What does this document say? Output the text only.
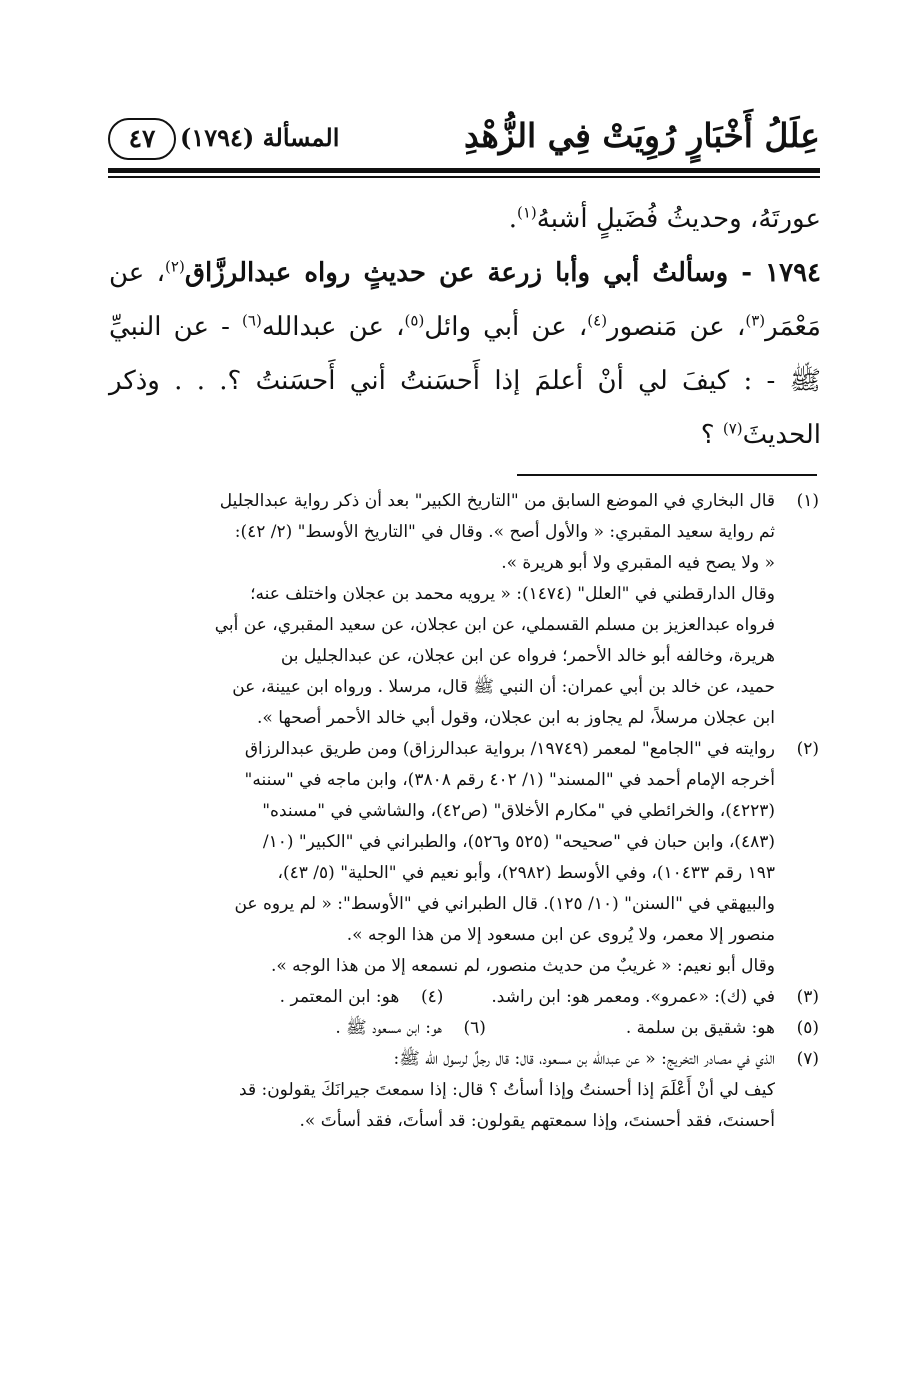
عِلَلُ أَخْبَارٍ رُوِيَتْ فِي الزُّهْدِ
المسألة (١٧٩٤)
٤٧

عورتَهُ، وحديثُ فُضَيلٍ أشبهُ$^{(١)}$.

١٧٩٤ - وسألتُ أبي وأبا زرعة عن حديثٍ رواه عبدالرزَّاق$^{(٢)}$، عن مَعْمَر$^{(٣)}$، عن مَنصور$^{(٤)}$، عن أبي وائل$^{(٥)}$، عن عبدالله$^{(٦)}$ - عن النبيِّ ﷺ - : كيفَ لي أنْ أعلمَ إذا أَحسَنتُ أني أَحسَنتُ ؟. . . وذكر الحديثَ$^{(٧)}$ ؟

(١)
قال البخاري في الموضع السابق من "التاريخ الكبير" بعد أن ذكر رواية عبدالجليل
ثم رواية سعيد المقبري: « والأول أصح ». وقال في "التاريخ الأوسط" (٢/ ٤٢):
« ولا يصح فيه المقبري ولا أبو هريرة ».
وقال الدارقطني في "العلل" (١٤٧٤): « يرويه محمد بن عجلان واختلف عنه؛
فرواه عبدالعزيز بن مسلم القسملي، عن ابن عجلان، عن سعيد المقبري، عن أبي
هريرة، وخالفه أبو خالد الأحمر؛ فرواه عن ابن عجلان، عن عبدالجليل بن
حميد، عن خالد بن أبي عمران: أن النبي ﷺ قال، مرسلا . ورواه ابن عيينة، عن
ابن عجلان مرسلاً، لم يجاوز به ابن عجلان، وقول أبي خالد الأحمر أصحها ».
(٢)
روايته في "الجامع" لمعمر (١٩٧٤٩/ برواية عبدالرزاق) ومن طريق عبدالرزاق
أخرجه الإمام أحمد في "المسند" (١/ ٤٠٢ رقم ٣٨٠٨)، وابن ماجه في "سننه"
(٤٢٢٣)، والخرائطي في "مكارم الأخلاق" (ص٤٢)، والشاشي في "مسنده"
(٤٨٣)، وابن حبان في "صحيحه" (٥٢٥ و٥٢٦)، والطبراني في "الكبير" (١٠/
١٩٣ رقم ١٠٤٣٣)، وفي الأوسط (٢٩٨٢)، وأبو نعيم في "الحلية" (٥/ ٤٣)،
والبيهقي في "السنن" (١٠/ ١٢٥). قال الطبراني في "الأوسط": « لم يروه عن
منصور إلا معمر، ولا يُروى عن ابن مسعود إلا من هذا الوجه ».
وقال أبو نعيم: « غريبٌ من حديث منصور، لم نسمعه إلا من هذا الوجه ».
(٣)
في (ك): «عمرو». ومعمر هو: ابن راشد.
(٤)
هو: ابن المعتمر .
(٥)
هو: شقيق بن سلمة .
(٦)
هو: ابن مسعود ﷺ .
(٧)
الذي في مصادر التخريج: « عن عبدالله بن مسعود، قال: قال رجلٌ لرسول الله ﷺ:
كيف لي أنْ أَعْلَمَ إذا أحسنتُ وإذا أسأتُ ؟ قال: إذا سمعتَ جيرانَكَ يقولون: قد
أحسنتَ، فقد أحسنتَ، وإذا سمعتهم يقولون: قد أسأتَ، فقد أسأتَ ».
